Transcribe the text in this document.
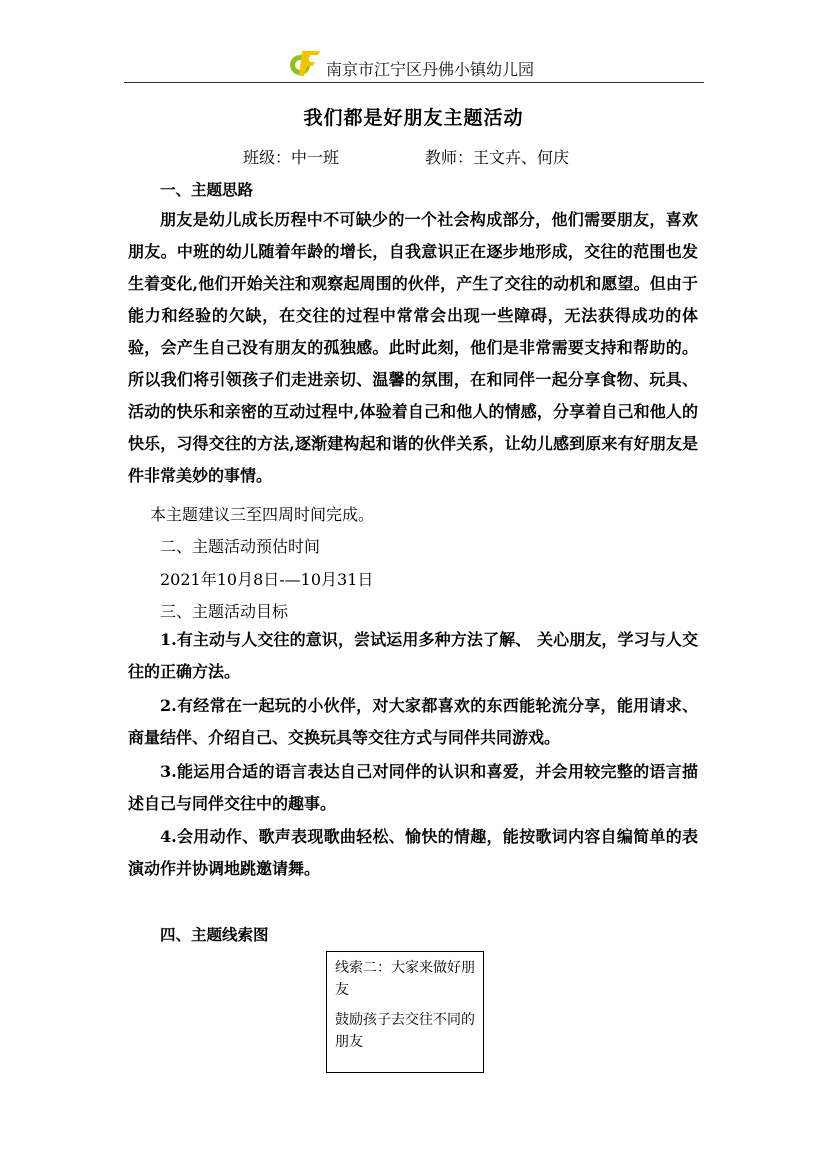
南京市江宁区丹佛小镇幼儿园
我们都是好朋友主题活动
班级：中一班	教师：王文卉、何庆
一、主题思路

朋友是幼儿成长历程中不可缺少的一个社会构成部分，他们需要朋友，喜欢朋友。中班的幼儿随着年龄的增长，自我意识正在逐步地形成，交往的范围也发生着变化,他们开始关注和观察起周围的伙伴，产生了交往的动机和愿望。但由于能力和经验的欠缺，在交往的过程中常常会出现一些障碍，无法获得成功的体验，会产生自己没有朋友的孤独感。此时此刻，他们是非常需要支持和帮助的。所以我们将引领孩子们走进亲切、温馨的氛围，在和同伴一起分享食物、玩具、活动的快乐和亲密的互动过程中,体验着自己和他人的情感，分享着自己和他人的快乐，习得交往的方法,逐渐建构起和谐的伙伴关系，让幼儿感到原来有好朋友是件非常美妙的事情。

本主题建议三至四周时间完成。
二、主题活动预估时间
2021年10月8日-—10月31日
三、主题活动目标

1.有主动与人交往的意识，尝试运用多种方法了解、 关心朋友，学习与人交往的正确方法。

2.有经常在一起玩的小伙伴，对大家都喜欢的东西能轮流分享，能用请求、商量结伴、介绍自己、交换玩具等交往方式与同伴共同游戏。

3.能运用合适的语言表达自己对同伴的认识和喜爱，并会用较完整的语言描述自己与同伴交往中的趣事。

4.会用动作、歌声表现歌曲轻松、愉快的情趣，能按歌词内容自编简单的表演动作并协调地跳邀请舞。

四、主题线索图

线索二：大家来做好朋友

鼓励孩子去交往不同的朋友
